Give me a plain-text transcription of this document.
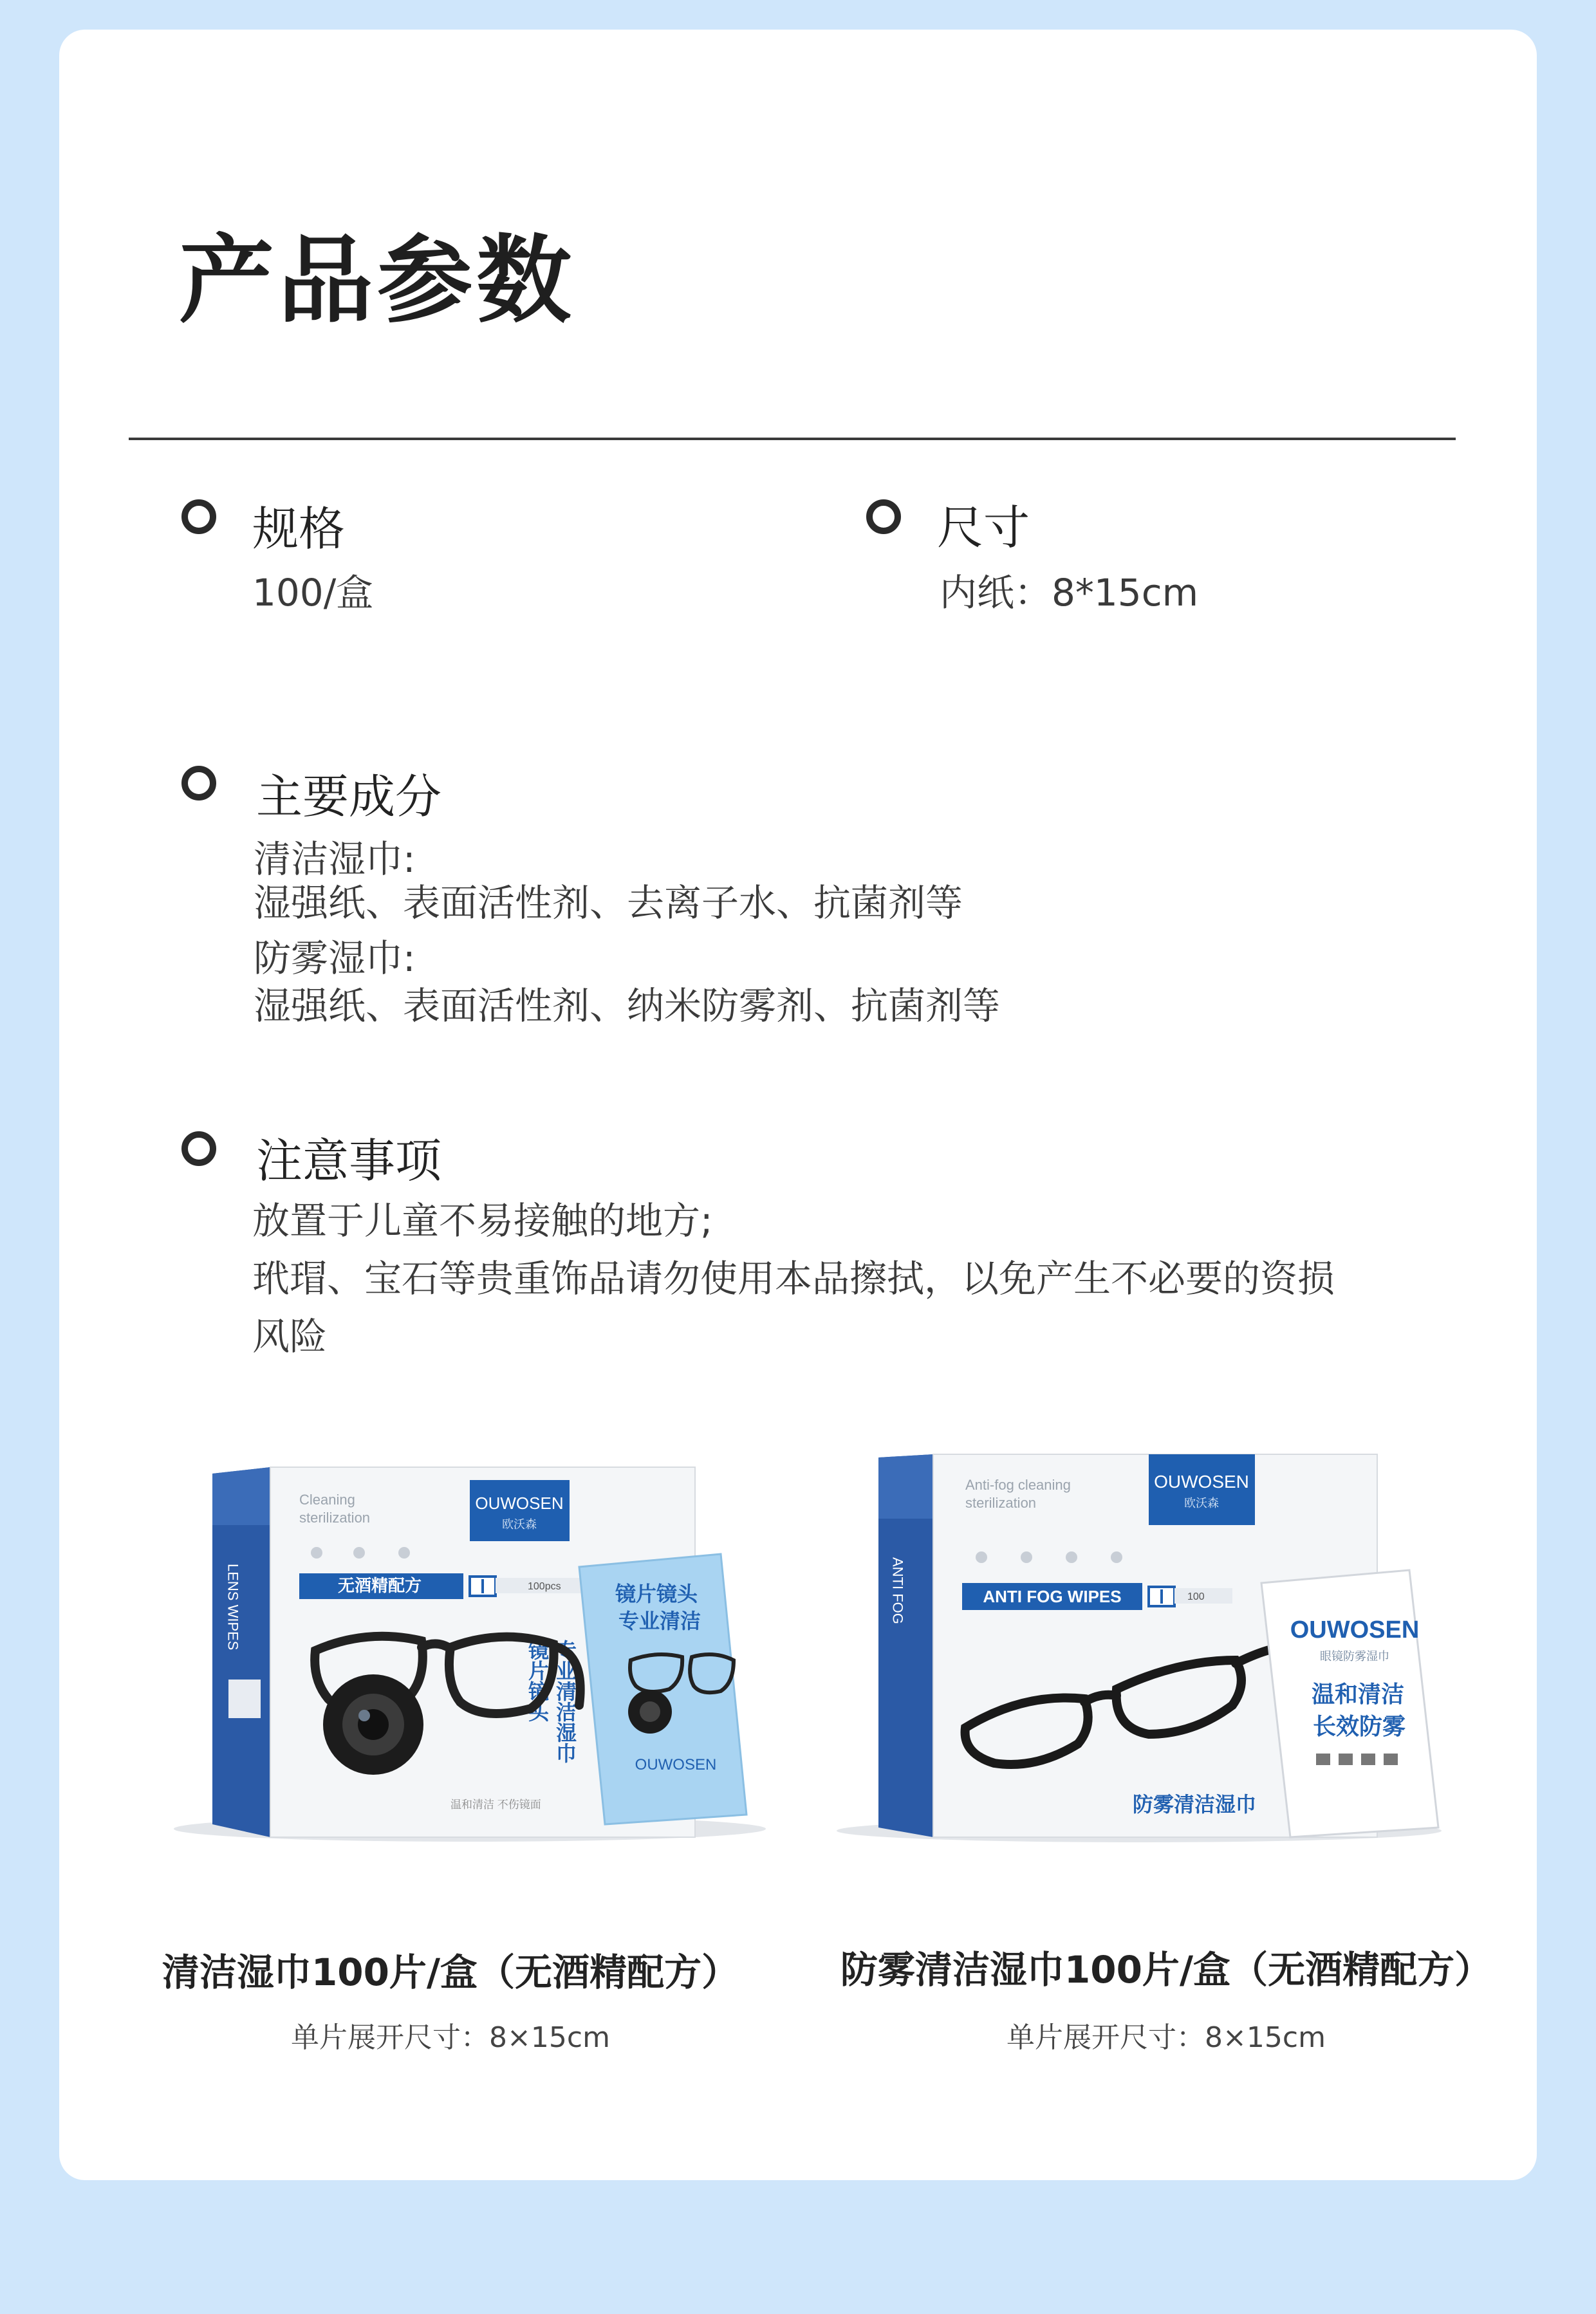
产品参数
规格
100/盒
尺寸
内纸：8*15cm
主要成分
清洁湿巾:
湿强纸、表面活性剂、去离子水、抗菌剂等
防雾湿巾:
湿强纸、表面活性剂、纳米防雾剂、抗菌剂等
注意事项
放置于儿童不易接触的地方;
玳瑁、宝石等贵重饰品请勿使用本品擦拭，以免产生不必要的资损
风险
OUWOSEN
欧沃森
Cleaning
sterilization
无酒精配方	100pcs
镜片镜头 专业清洁湿巾
温和清洁 不伤镜面
LENS WIPES	镜片镜头
专业清洁
OUWOSEN
ANTI FOG
OUWOSEN
欧沃森
Anti-fog cleaning
sterilization
ANTI FOG WIPES	100
防雾清洁湿巾
OUWOSEN
眼镜防雾湿巾
温和清洁
长效防雾
清洁湿巾100片/盒（无酒精配方）
单片展开尺寸：8×15cm
防雾清洁湿巾100片/盒（无酒精配方）
单片展开尺寸：8×15cm
